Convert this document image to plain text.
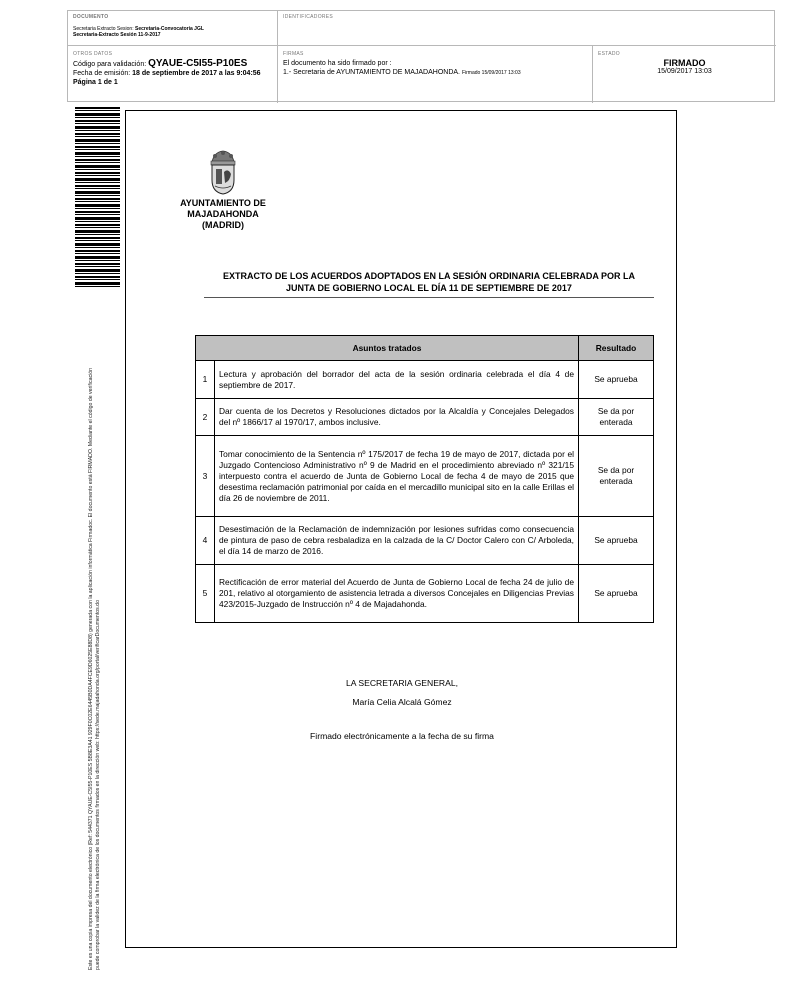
DOCUMENTO
Secretaria Extracto Sesion: Secretaria-Convocatoria JGL
Secretaria-Extracto Sesión 11-9-2017
IDENTIFICADORES
OTROS DATOS
Código para validación: QYAUE-C5I55-P10ES
Fecha de emisión: 18 de septiembre de 2017 a las 9:04:56
Página 1 de 1
FIRMAS
El documento ha sido firmado por :
1.- Secretaria de AYUNTAMIENTO DE MAJADAHONDA. Firmado 15/09/2017 13:03
ESTADO
FIRMADO
15/09/2017 13:03
Este es una copia impresa del documento electrónico (Ref: 544371 QYAUE-C5I55-P10ES 5B8E3A41 929F0C02E6445B0DA4FCE9D6025E88D8) generada con la aplicación informática Firmadoc. El documento está FIRMADO. Mediante el código de verificación puede comprobar la validez de la firma electrónica de los documentos firmados en la dirección web: https://sede.majadahonda.org/portal/verificarDocumentos.do
AYUNTAMIENTO DE
MAJADAHONDA
(MADRID)
EXTRACTO DE LOS ACUERDOS ADOPTADOS EN LA SESIÓN ORDINARIA CELEBRADA POR LA
JUNTA DE GOBIERNO LOCAL EL DÍA 11 DE SEPTIEMBRE DE 2017
Asuntos tratados		Resultado
1	Lectura y aprobación del borrador del acta de la sesión ordinaria celebrada el día 4 de septiembre de 2017.	Se aprueba
2	Dar cuenta de los Decretos y Resoluciones dictados por la Alcaldía y Concejales Delegados del nº 1866/17 al 1970/17, ambos inclusive.	Se da por enterada
3	Tomar conocimiento de la Sentencia nº 175/2017 de fecha 19 de mayo de 2017, dictada por el Juzgado Contencioso Administrativo nº 9 de Madrid en el procedimiento abreviado nº 321/15 interpuesto contra el acuerdo de Junta de Gobierno Local de fecha 4 de mayo de 2015 que desestima reclamación patrimonial por caída en el mercadillo municipal sito en la calle Erillas el día 26 de noviembre de 2011.	Se da por enterada
4	Desestimación de la Reclamación de indemnización por lesiones sufridas como consecuencia de pintura de paso de cebra resbaladiza en la calzada de la C/ Doctor Calero con C/ Arboleda, el día 14 de marzo de 2016.	Se aprueba
5	Rectificación de error material del Acuerdo de Junta de Gobierno Local de fecha 24 de julio de 201, relativo al otorgamiento de asistencia letrada a diversos Concejales en Diligencias Previas 423/2015-Juzgado de Instrucción nº 4 de Majadahonda.	Se aprueba
LA SECRETARIA GENERAL,
María Celia Alcalá Gómez
Firmado electrónicamente a la fecha de su firma
